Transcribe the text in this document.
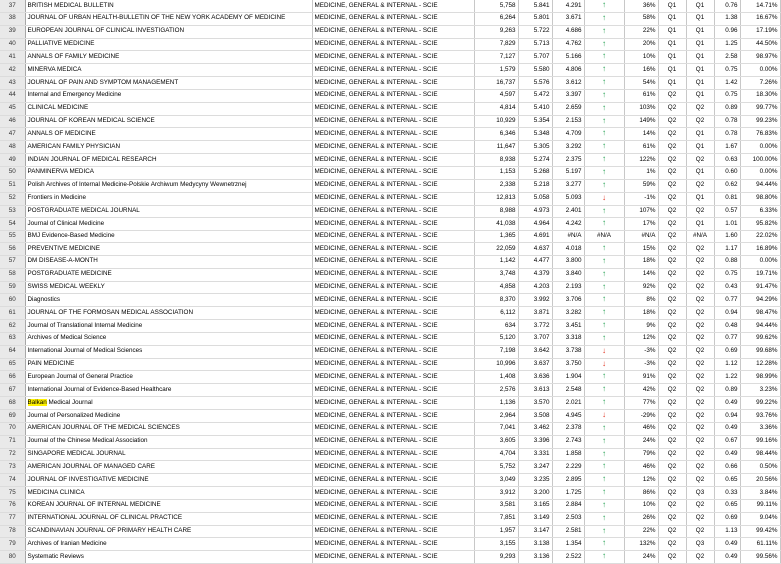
37	BRITISH MEDICAL BULLETIN	MEDICINE, GENERAL & INTERNAL - SCIE	5,758	5.841	4.291	↑	36%	Q1	Q1	0.76	14.71%
38	JOURNAL OF URBAN HEALTH-BULLETIN OF THE NEW YORK ACADEMY OF MEDICINE	MEDICINE, GENERAL & INTERNAL - SCIE	6,264	5.801	3.671	↑	58%	Q1	Q1	1.38	16.67%
39	EUROPEAN JOURNAL OF CLINICAL INVESTIGATION	MEDICINE, GENERAL & INTERNAL - SCIE	9,263	5.722	4.686	↑	22%	Q1	Q1	0.96	17.19%
40	PALLIATIVE MEDICINE	MEDICINE, GENERAL & INTERNAL - SCIE	7,829	5.713	4.762	↑	20%	Q1	Q1	1.25	44.50%
41	ANNALS OF FAMILY MEDICINE	MEDICINE, GENERAL & INTERNAL - SCIE	7,127	5.707	5.166	↑	10%	Q1	Q1	2.58	98.97%
42	MINERVA MEDICA	MEDICINE, GENERAL & INTERNAL - SCIE	1,579	5.580	4.806	↑	16%	Q1	Q1	0.75	0.00%
43	JOURNAL OF PAIN AND SYMPTOM MANAGEMENT	MEDICINE, GENERAL & INTERNAL - SCIE	16,737	5.576	3.612	↑	54%	Q1	Q1	1.42	7.26%
44	Internal and Emergency Medicine	MEDICINE, GENERAL & INTERNAL - SCIE	4,597	5.472	3.397	↑	61%	Q2	Q1	0.75	18.30%
45	CLINICAL MEDICINE	MEDICINE, GENERAL & INTERNAL - SCIE	4,814	5.410	2.659	↑	103%	Q2	Q2	0.89	99.77%
46	JOURNAL OF KOREAN MEDICAL SCIENCE	MEDICINE, GENERAL & INTERNAL - SCIE	10,929	5.354	2.153	↑	149%	Q2	Q2	0.78	99.23%
47	ANNALS OF MEDICINE	MEDICINE, GENERAL & INTERNAL - SCIE	6,346	5.348	4.709	↑	14%	Q2	Q1	0.78	76.83%
48	AMERICAN FAMILY PHYSICIAN	MEDICINE, GENERAL & INTERNAL - SCIE	11,647	5.305	3.292	↑	61%	Q2	Q1	1.67	0.00%
49	INDIAN JOURNAL OF MEDICAL RESEARCH	MEDICINE, GENERAL & INTERNAL - SCIE	8,938	5.274	2.375	↑	122%	Q2	Q2	0.63	100.00%
50	PANMINERVA MEDICA	MEDICINE, GENERAL & INTERNAL - SCIE	1,153	5.268	5.197	↑	1%	Q2	Q1	0.60	0.00%
51	Polish Archives of Internal Medicine-Polskie Archiwum Medycyny Wewnetrznej	MEDICINE, GENERAL & INTERNAL - SCIE	2,338	5.218	3.277	↑	59%	Q2	Q2	0.62	94.44%
52	Frontiers in Medicine	MEDICINE, GENERAL & INTERNAL - SCIE	12,813	5.058	5.093	↓	-1%	Q2	Q1	0.81	98.80%
53	POSTGRADUATE MEDICAL JOURNAL	MEDICINE, GENERAL & INTERNAL - SCIE	8,988	4.973	2.401	↑	107%	Q2	Q2	0.57	6.33%
54	Journal of Clinical Medicine	MEDICINE, GENERAL & INTERNAL - SCIE	41,038	4.964	4.242	↑	17%	Q2	Q1	1.01	95.82%
55	BMJ Evidence-Based Medicine	MEDICINE, GENERAL & INTERNAL - SCIE	1,365	4.691	#N/A	#N/A	#N/A	Q2	#N/A	1.60	22.02%
56	PREVENTIVE MEDICINE	MEDICINE, GENERAL & INTERNAL - SCIE	22,059	4.637	4.018	↑	15%	Q2	Q2	1.17	16.89%
57	DM DISEASE-A-MONTH	MEDICINE, GENERAL & INTERNAL - SCIE	1,142	4.477	3.800	↑	18%	Q2	Q2	0.88	0.00%
58	POSTGRADUATE MEDICINE	MEDICINE, GENERAL & INTERNAL - SCIE	3,748	4.379	3.840	↑	14%	Q2	Q2	0.75	19.71%
59	SWISS MEDICAL WEEKLY	MEDICINE, GENERAL & INTERNAL - SCIE	4,858	4.203	2.193	↑	92%	Q2	Q2	0.43	91.47%
60	Diagnostics	MEDICINE, GENERAL & INTERNAL - SCIE	8,370	3.992	3.706	↑	8%	Q2	Q2	0.77	94.29%
61	JOURNAL OF THE FORMOSAN MEDICAL ASSOCIATION	MEDICINE, GENERAL & INTERNAL - SCIE	6,112	3.871	3.282	↑	18%	Q2	Q2	0.94	98.47%
62	Journal of Translational Internal Medicine	MEDICINE, GENERAL & INTERNAL - SCIE	634	3.772	3.451	↑	9%	Q2	Q2	0.48	94.44%
63	Archives of Medical Science	MEDICINE, GENERAL & INTERNAL - SCIE	5,120	3.707	3.318	↑	12%	Q2	Q2	0.77	99.62%
64	International Journal of Medical Sciences	MEDICINE, GENERAL & INTERNAL - SCIE	7,198	3.642	3.738	↓	-3%	Q2	Q2	0.69	99.68%
65	PAIN MEDICINE	MEDICINE, GENERAL & INTERNAL - SCIE	10,996	3.637	3.750	↓	-3%	Q2	Q2	1.12	12.28%
66	European Journal of General Practice	MEDICINE, GENERAL & INTERNAL - SCIE	1,408	3.636	1.904	↑	91%	Q2	Q2	1.22	98.99%
67	International Journal of Evidence-Based Healthcare	MEDICINE, GENERAL & INTERNAL - SCIE	2,576	3.613	2.548	↑	42%	Q2	Q2	0.89	3.23%
68	Balkan Medical Journal	MEDICINE, GENERAL & INTERNAL - SCIE	1,136	3.570	2.021	↑	77%	Q2	Q2	0.49	99.22%
69	Journal of Personalized Medicine	MEDICINE, GENERAL & INTERNAL - SCIE	2,964	3.508	4.945	↓	-29%	Q2	Q2	0.94	93.76%
70	AMERICAN JOURNAL OF THE MEDICAL SCIENCES	MEDICINE, GENERAL & INTERNAL - SCIE	7,041	3.462	2.378	↑	46%	Q2	Q2	0.49	3.36%
71	Journal of the Chinese Medical Association	MEDICINE, GENERAL & INTERNAL - SCIE	3,605	3.396	2.743	↑	24%	Q2	Q2	0.67	99.16%
72	SINGAPORE MEDICAL JOURNAL	MEDICINE, GENERAL & INTERNAL - SCIE	4,704	3.331	1.858	↑	79%	Q2	Q2	0.49	98.44%
73	AMERICAN JOURNAL OF MANAGED CARE	MEDICINE, GENERAL & INTERNAL - SCIE	5,752	3.247	2.229	↑	46%	Q2	Q2	0.66	0.50%
74	JOURNAL OF INVESTIGATIVE MEDICINE	MEDICINE, GENERAL & INTERNAL - SCIE	3,049	3.235	2.895	↑	12%	Q2	Q2	0.65	20.56%
75	MEDICINA CLINICA	MEDICINE, GENERAL & INTERNAL - SCIE	3,912	3.200	1.725	↑	86%	Q2	Q3	0.33	3.84%
76	KOREAN JOURNAL OF INTERNAL MEDICINE	MEDICINE, GENERAL & INTERNAL - SCIE	3,581	3.165	2.884	↑	10%	Q2	Q2	0.65	99.11%
77	INTERNATIONAL JOURNAL OF CLINICAL PRACTICE	MEDICINE, GENERAL & INTERNAL - SCIE	7,851	3.149	2.503	↑	26%	Q2	Q2	0.69	9.04%
78	SCANDINAVIAN JOURNAL OF PRIMARY HEALTH CARE	MEDICINE, GENERAL & INTERNAL - SCIE	1,957	3.147	2.581	↑	22%	Q2	Q2	1.13	99.42%
79	Archives of Iranian Medicine	MEDICINE, GENERAL & INTERNAL - SCIE	3,155	3.138	1.354	↑	132%	Q2	Q3	0.49	61.11%
80	Systematic Reviews	MEDICINE, GENERAL & INTERNAL - SCIE	9,293	3.136	2.522	↑	24%	Q2	Q2	0.49	99.56%
